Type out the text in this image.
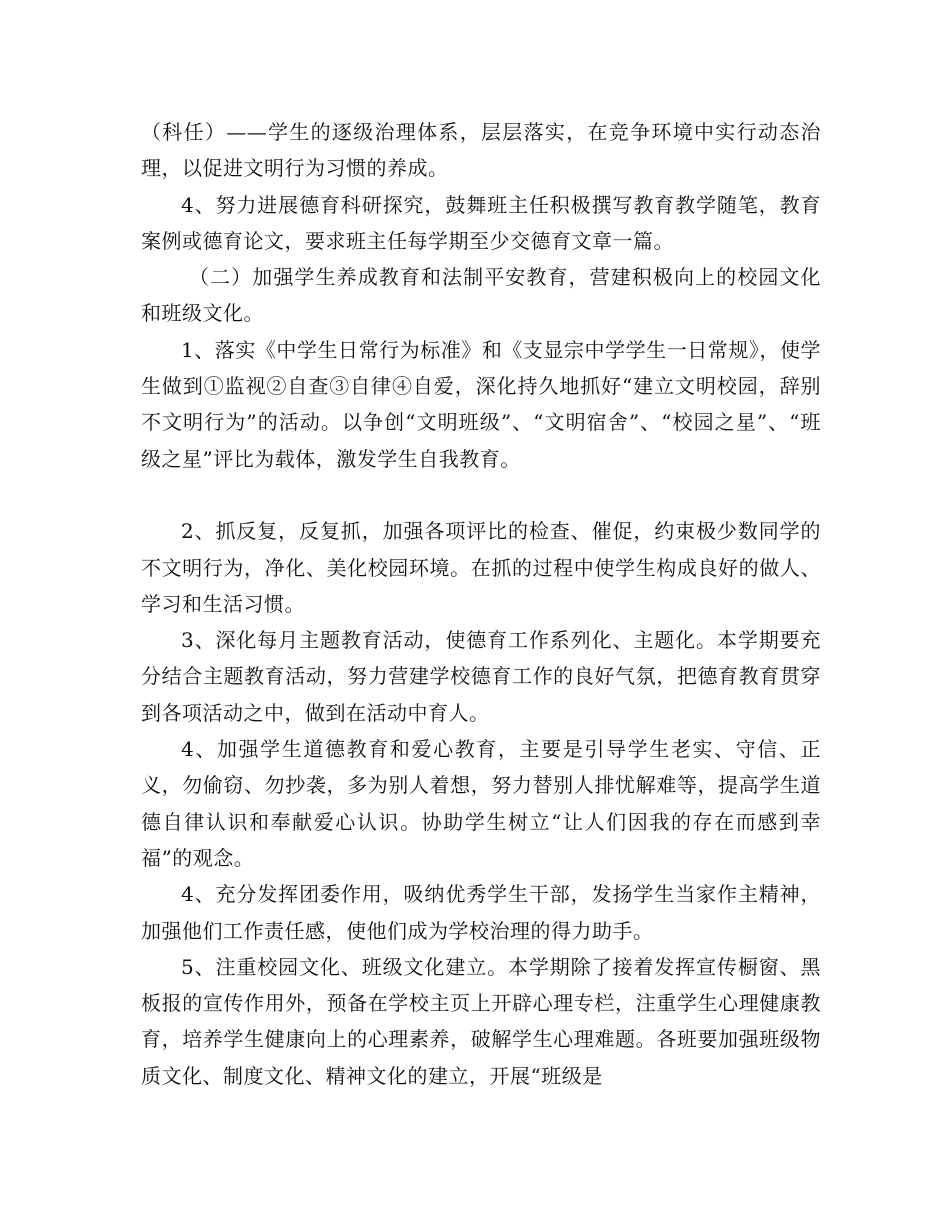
（科任）——学生的逐级治理体系，层层落实，在竞争环境中实行动态治理，以促进文明行为习惯的养成。

4、努力进展德育科研探究，鼓舞班主任积极撰写教育教学随笔，教育案例或德育论文，要求班主任每学期至少交德育文章一篇。

（二）加强学生养成教育和法制平安教育，营建积极向上的校园文化和班级文化。

1、落实《中学生日常行为标准》和《支显宗中学学生一日常规》，使学生做到①监视②自查③自律④自爱，深化持久地抓好“建立文明校园，辞别不文明行为”的活动。以争创“文明班级”、“文明宿舍”、“校园之星”、“班级之星”评比为载体，激发学生自我教育。

2、抓反复，反复抓，加强各项评比的检查、催促，约束极少数同学的不文明行为，净化、美化校园环境。在抓的过程中使学生构成良好的做人、学习和生活习惯。

3、深化每月主题教育活动，使德育工作系列化、主题化。本学期要充分结合主题教育活动，努力营建学校德育工作的良好气氛，把德育教育贯穿到各项活动之中，做到在活动中育人。

4、加强学生道德教育和爱心教育，主要是引导学生老实、守信、正义，勿偷窃、勿抄袭，多为别人着想，努力替别人排忧解难等，提高学生道德自律认识和奉献爱心认识。协助学生树立“让人们因我的存在而感到幸福”的观念。

4、充分发挥团委作用，吸纳优秀学生干部，发扬学生当家作主精神，加强他们工作责任感，使他们成为学校治理的得力助手。

5、注重校园文化、班级文化建立。本学期除了接着发挥宣传橱窗、黑板报的宣传作用外，预备在学校主页上开辟心理专栏，注重学生心理健康教育，培养学生健康向上的心理素养，破解学生心理难题。各班要加强班级物质文化、制度文化、精神文化的建立，开展“班级是
